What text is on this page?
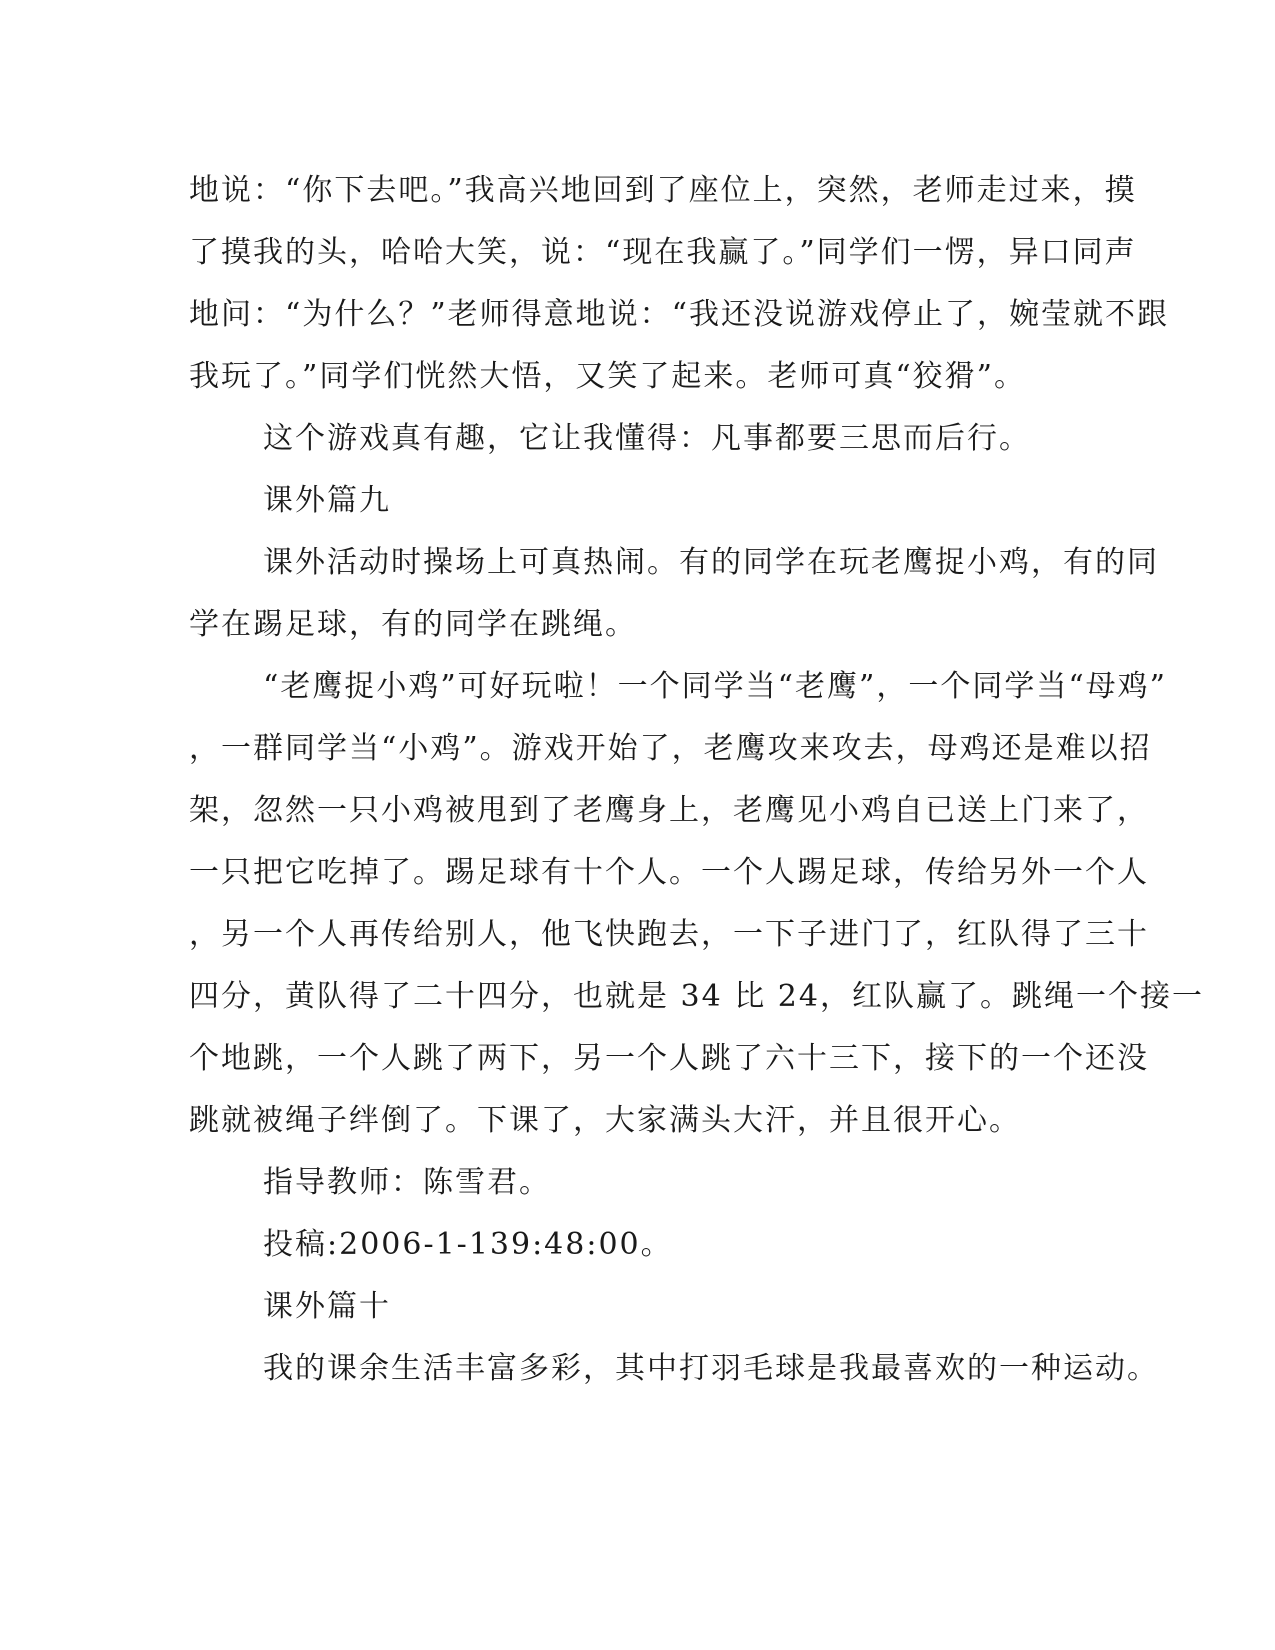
地说：“你下去吧。”我高兴地回到了座位上，突然，老师走过来，摸
了摸我的头，哈哈大笑，说：“现在我赢了。”同学们一愣，异口同声
地问：“为什么？”老师得意地说：“我还没说游戏停止了，婉莹就不跟
我玩了。”同学们恍然大悟，又笑了起来。老师可真“狡猾”。
这个游戏真有趣，它让我懂得：凡事都要三思而后行。
课外篇九
课外活动时操场上可真热闹。有的同学在玩老鹰捉小鸡，有的同
学在踢足球，有的同学在跳绳。
“老鹰捉小鸡”可好玩啦！一个同学当“老鹰”，一个同学当“母鸡”
，一群同学当“小鸡”。游戏开始了，老鹰攻来攻去，母鸡还是难以招
架，忽然一只小鸡被甩到了老鹰身上，老鹰见小鸡自已送上门来了，
一只把它吃掉了。踢足球有十个人。一个人踢足球，传给另外一个人
，另一个人再传给别人，他飞快跑去，一下子进门了，红队得了三十
四分，黄队得了二十四分，也就是 34 比 24，红队赢了。跳绳一个接一
个地跳，一个人跳了两下，另一个人跳了六十三下，接下的一个还没
跳就被绳子绊倒了。下课了，大家满头大汗，并且很开心。
指导教师：陈雪君。
投稿:2006-1-139:48:00。
课外篇十
我的课余生活丰富多彩，其中打羽毛球是我最喜欢的一种运动。
